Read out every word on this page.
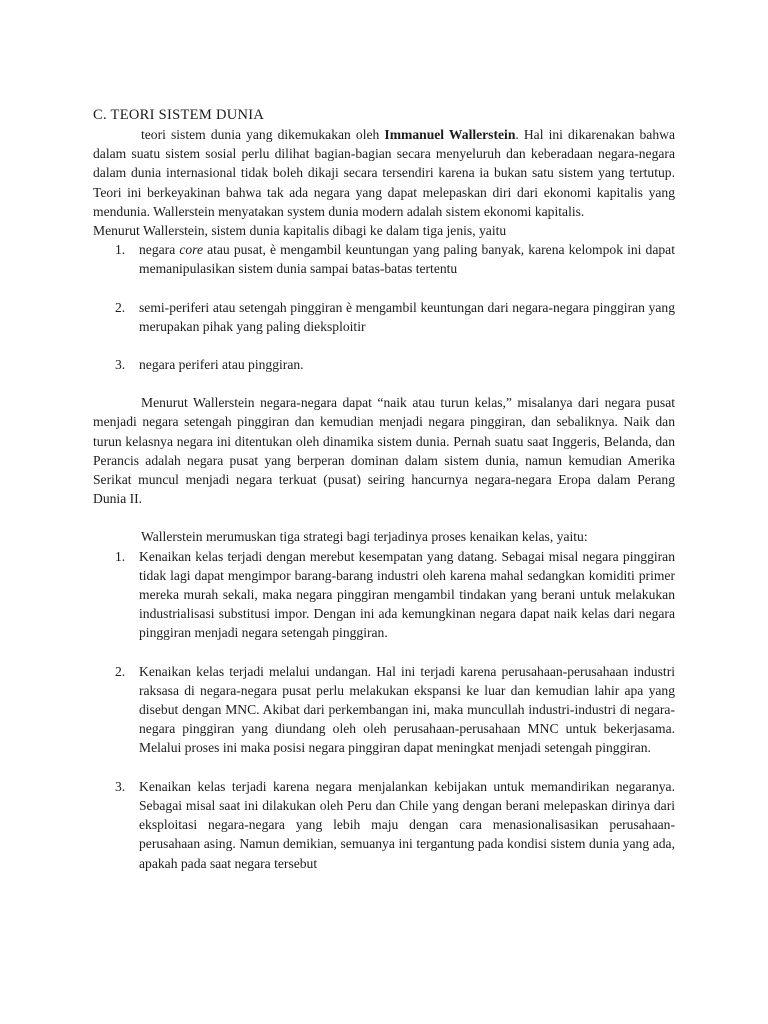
C. TEORI SISTEM DUNIA

teori sistem dunia yang dikemukakan oleh Immanuel Wallerstein. Hal ini dikarenakan bahwa dalam suatu sistem sosial perlu dilihat bagian-bagian secara menyeluruh dan keberadaan negara-negara dalam dunia internasional tidak boleh dikaji secara tersendiri karena ia bukan satu sistem yang tertutup. Teori ini berkeyakinan bahwa tak ada negara yang dapat melepaskan diri dari ekonomi kapitalis yang mendunia. Wallerstein menyatakan system dunia modern adalah sistem ekonomi kapitalis.

Menurut Wallerstein, sistem dunia kapitalis dibagi ke dalam tiga jenis, yaitu

1. negara core atau pusat, è mengambil keuntungan yang paling banyak, karena kelompok ini dapat memanipulasikan sistem dunia sampai batas-batas tertentu
2. semi-periferi atau setengah pinggiran è mengambil keuntungan dari negara-negara pinggiran yang merupakan pihak yang paling dieksploitir
3. negara periferi atau pinggiran.

Menurut Wallerstein negara-negara dapat “naik atau turun kelas,” misalanya dari negara pusat menjadi negara setengah pinggiran dan kemudian menjadi negara pinggiran, dan sebaliknya. Naik dan turun kelasnya negara ini ditentukan oleh dinamika sistem dunia. Pernah suatu saat Inggeris, Belanda, dan Perancis adalah negara pusat yang berperan dominan dalam sistem dunia, namun kemudian Amerika Serikat muncul menjadi negara terkuat (pusat) seiring hancurnya negara-negara Eropa dalam Perang Dunia II.

Wallerstein merumuskan tiga strategi bagi terjadinya proses kenaikan kelas, yaitu:

1. Kenaikan kelas terjadi dengan merebut kesempatan yang datang. Sebagai misal negara pinggiran tidak lagi dapat mengimpor barang-barang industri oleh karena mahal sedangkan komiditi primer mereka murah sekali, maka negara pinggiran mengambil tindakan yang berani untuk melakukan industrialisasi substitusi impor. Dengan ini ada kemungkinan negara dapat naik kelas dari negara pinggiran menjadi negara setengah pinggiran.
2. Kenaikan kelas terjadi melalui undangan. Hal ini terjadi karena perusahaan-perusahaan industri raksasa di negara-negara pusat perlu melakukan ekspansi ke luar dan kemudian lahir apa yang disebut dengan MNC. Akibat dari perkembangan ini, maka muncullah industri-industri di negara-negara pinggiran yang diundang oleh oleh perusahaan-perusahaan MNC untuk bekerjasama. Melalui proses ini maka posisi negara pinggiran dapat meningkat menjadi setengah pinggiran.
3. Kenaikan kelas terjadi karena negara menjalankan kebijakan untuk memandirikan negaranya. Sebagai misal saat ini dilakukan oleh Peru dan Chile yang dengan berani melepaskan dirinya dari eksploitasi negara-negara yang lebih maju dengan cara menasionalisasikan perusahaan-perusahaan asing. Namun demikian, semuanya ini tergantung pada kondisi sistem dunia yang ada, apakah pada saat negara tersebut
